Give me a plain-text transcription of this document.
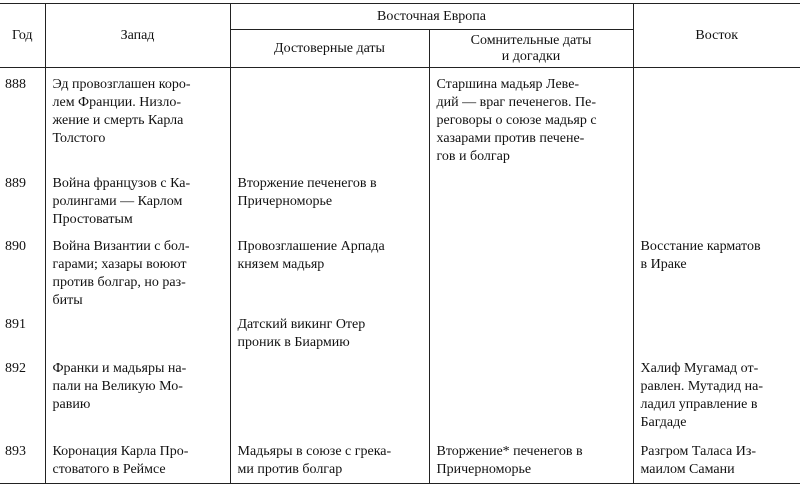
Год	Запад	Восточная Европа		Восток
		Достоверные даты	Сомнительные даты
и догадки	
888	Эд провозглашен коро-
лем Франции. Низло-
жение и смерть Карла
Толстого		Старшина мадьяр Леве-
дий — враг печенегов. Пе-
реговоры о союзе мадьяр с
хазарами против печене-
гов и болгар	
889	Война французов с Ка-
ролингами — Карлом
Простоватым	Вторжение печенегов в
Причерноморье		
890	Война Византии с бол-
гарами; хазары воюют
против болгар, но раз-
биты	Провозглашение Арпада
князем мадьяр		Восстание карматов
в Ираке
891		Датский викинг Отер
проник в Биармию		
892	Франки и мадьяры на-
пали на Великую Мо-
равию			Халиф Мугамад от-
равлен. Мутадид на-
ладил управление в
Багдаде
893	Коронация Карла Про-
стоватого в Реймсе	Мадьяры в союзе с грека-
ми против болгар	Вторжение* печенегов в
Причерноморье	Разгром Таласа Из-
маилом Самани
